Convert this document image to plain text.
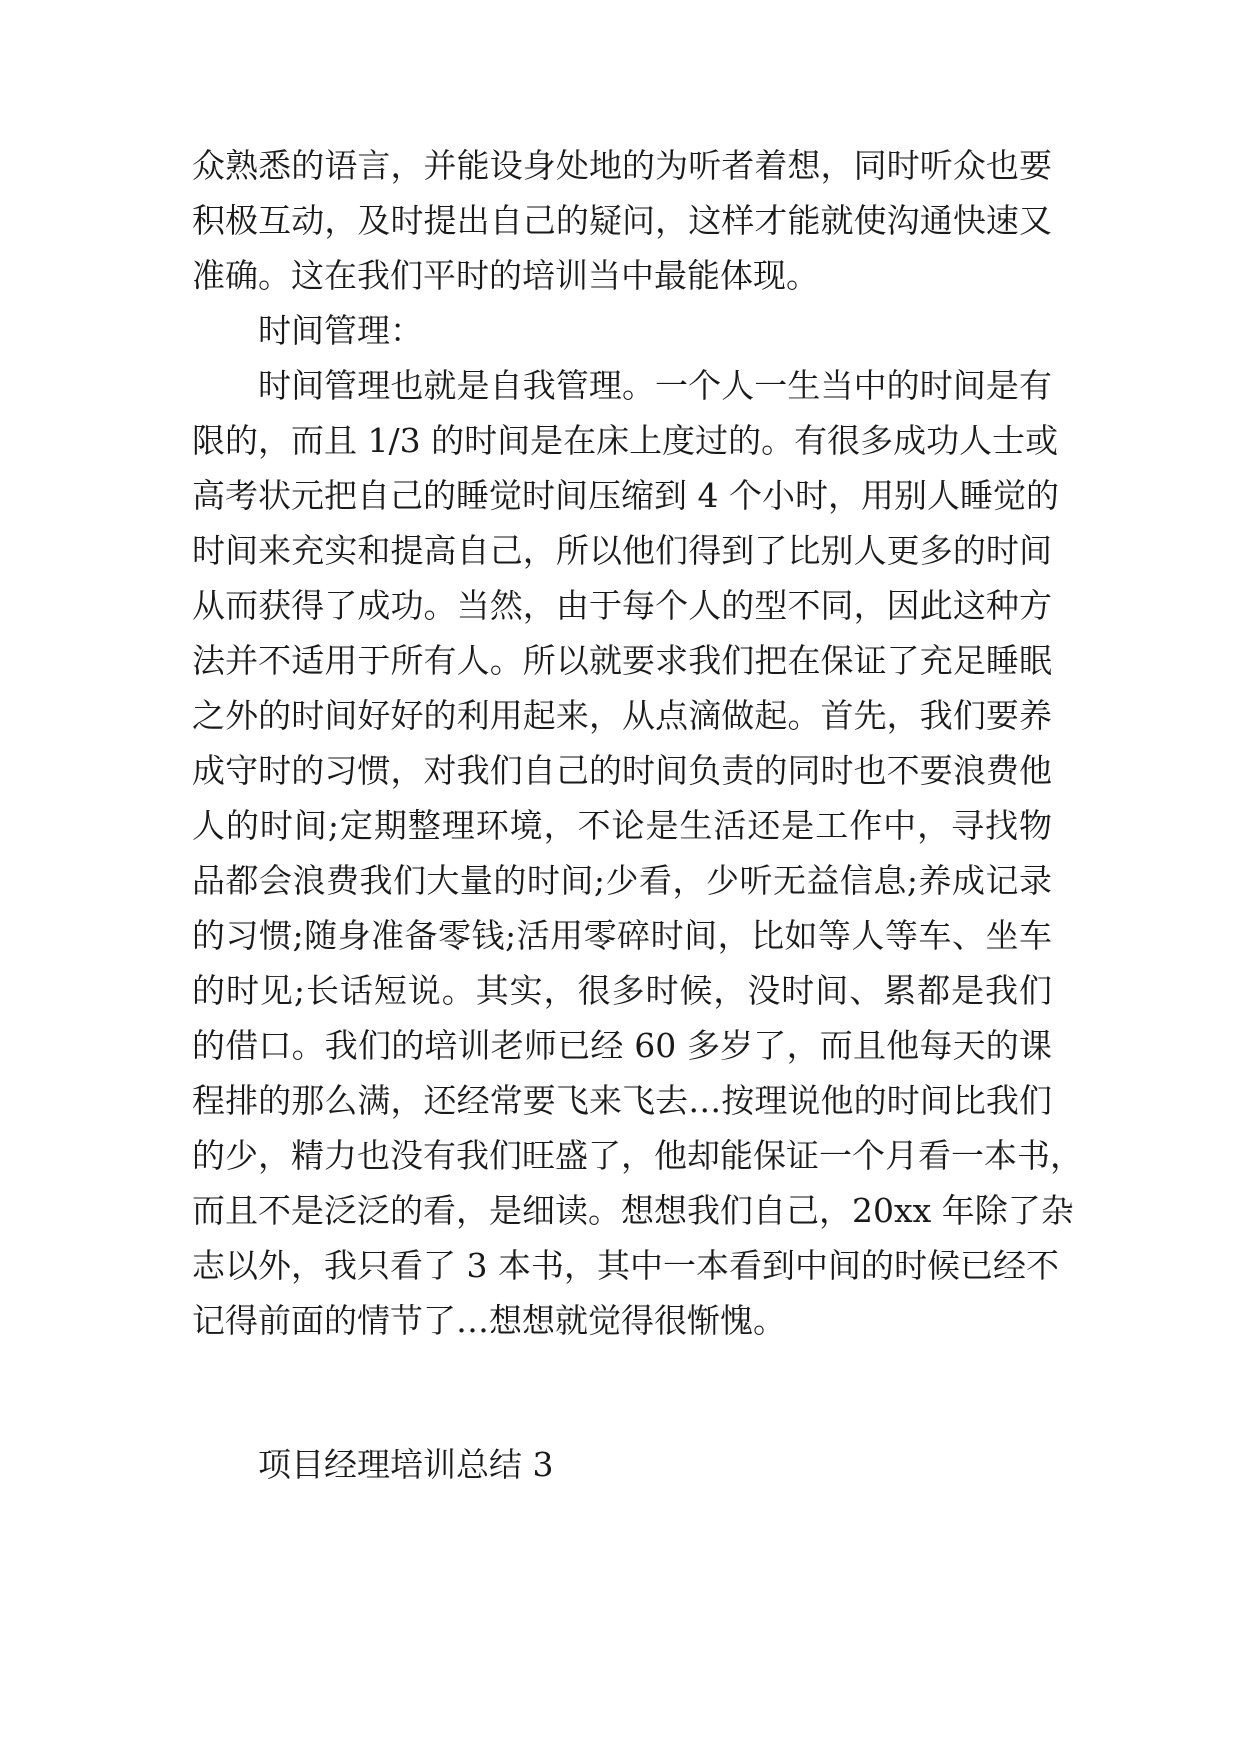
众熟悉的语言，并能设身处地的为听者着想，同时听众也要
积极互动，及时提出自己的疑问，这样才能就使沟通快速又
准确。这在我们平时的培训当中最能体现。
时间管理：
时间管理也就是自我管理。一个人一生当中的时间是有
限的，而且 1/3 的时间是在床上度过的。有很多成功人士或
高考状元把自己的睡觉时间压缩到 4 个小时，用别人睡觉的
时间来充实和提高自己，所以他们得到了比别人更多的时间
从而获得了成功。当然，由于每个人的型不同，因此这种方
法并不适用于所有人。所以就要求我们把在保证了充足睡眠
之外的时间好好的利用起来，从点滴做起。首先，我们要养
成守时的习惯，对我们自己的时间负责的同时也不要浪费他
人的时间;定期整理环境，不论是生活还是工作中，寻找物
品都会浪费我们大量的时间;少看，少听无益信息;养成记录
的习惯;随身准备零钱;活用零碎时间，比如等人等车、坐车
的时见;长话短说。其实，很多时候，没时间、累都是我们
的借口。我们的培训老师已经 60 多岁了，而且他每天的课
程排的那么满，还经常要飞来飞去…按理说他的时间比我们
的少，精力也没有我们旺盛了，他却能保证一个月看一本书，
而且不是泛泛的看，是细读。想想我们自己，20xx 年除了杂
志以外，我只看了 3 本书，其中一本看到中间的时候已经不
记得前面的情节了…想想就觉得很惭愧。
项目经理培训总结 3
